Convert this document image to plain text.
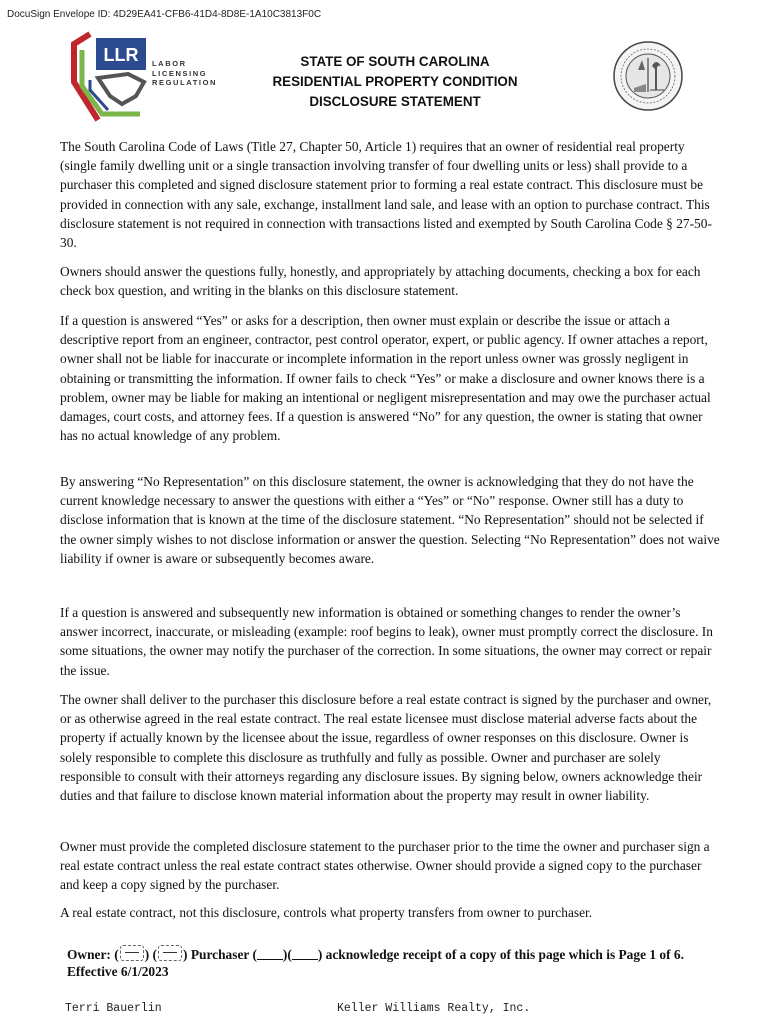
DocuSign Envelope ID: 4D29EA41-CFB6-41D4-8D8E-1A10C3813F0C
LLR LABOR
LICENSING
REGULATION
STATE OF SOUTH CAROLINA
RESIDENTIAL PROPERTY CONDITION
DISCLOSURE STATEMENT

The South Carolina Code of Laws (Title 27, Chapter 50, Article 1) requires that an owner of residential real property (single family dwelling unit or a single transaction involving transfer of four dwelling units or less) shall provide to a purchaser this completed and signed disclosure statement prior to forming a real estate contract. This disclosure must be provided in connection with any sale, exchange, installment land sale, and lease with an option to purchase contract. This disclosure statement is not required in connection with transactions listed and exempted by South Carolina Code § 27-50-30.

Owners should answer the questions fully, honestly, and appropriately by attaching documents, checking a box for each check box question, and writing in the blanks on this disclosure statement.

If a question is answered “Yes” or asks for a description, then owner must explain or describe the issue or attach a descriptive report from an engineer, contractor, pest control operator, expert, or public agency. If owner attaches a report, owner shall not be liable for inaccurate or incomplete information in the report unless owner was grossly negligent in obtaining or transmitting the information. If owner fails to check “Yes” or make a disclosure and owner knows there is a problem, owner may be liable for making an intentional or negligent misrepresentation and may owe the purchaser actual damages, court costs, and attorney fees. If a question is answered “No” for any question, the owner is stating that owner has no actual knowledge of any problem.

By answering “No Representation” on this disclosure statement, the owner is acknowledging that they do not have the current knowledge necessary to answer the questions with either a “Yes” or “No” response. Owner still has a duty to disclose information that is known at the time of the disclosure statement. “No Representation” should not be selected if the owner simply wishes to not disclose information or answer the question. Selecting “No Representation” does not waive liability if owner is aware or subsequently becomes aware.

If a question is answered and subsequently new information is obtained or something changes to render the owner’s answer incorrect, inaccurate, or misleading (example: roof begins to leak), owner must promptly correct the disclosure. In some situations, the owner may notify the purchaser of the correction. In some situations, the owner may correct or repair the issue.

The owner shall deliver to the purchaser this disclosure before a real estate contract is signed by the purchaser and owner, or as otherwise agreed in the real estate contract. The real estate licensee must disclose material adverse facts about the property if actually known by the licensee about the issue, regardless of owner responses on this disclosure. Owner is solely responsible to complete this disclosure as truthfully and fully as possible. Owner and purchaser are solely responsible to consult with their attorneys regarding any disclosure issues. By signing below, owners acknowledge their duties and that failure to disclose known material information about the property may result in owner liability.

Owner must provide the completed disclosure statement to the purchaser prior to the time the owner and purchaser sign a real estate contract unless the real estate contract states otherwise. Owner should provide a signed copy to the purchaser and keep a copy signed by the purchaser.

A real estate contract, not this disclosure, controls what property transfers from owner to purchaser.

Owner: ( ) ( ) Purchaser ( )( ) acknowledge receipt of a copy of this page which is Page 1 of 6.
Effective 6/1/2023
Terri Bauerlin	Keller Williams Realty, Inc.
